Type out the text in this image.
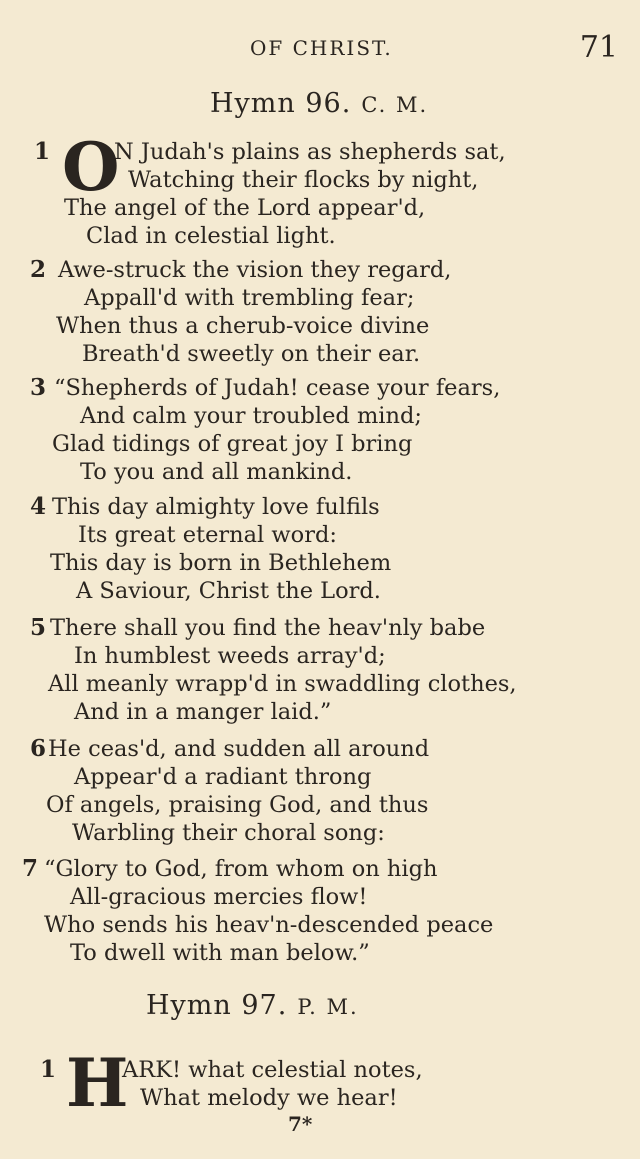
OF CHRIST.	71
Hymn 96. C. M.
1 O
N Judah's plains as shepherds sat,
Watching their flocks by night,
The angel of the Lord appear'd,
Clad in celestial light.
2 Awe-struck the vision they regard,
Appall'd with trembling fear;
When thus a cherub-voice divine
Breath'd sweetly on their ear.
3 “Shepherds of Judah! cease your fears,
And calm your troubled mind;
Glad tidings of great joy I bring
To you and all mankind.
4 This day almighty love fulfils
Its great eternal word:
This day is born in Bethlehem
A Saviour, Christ the Lord.
5 There shall you find the heav'nly babe
In humblest weeds array'd;
All meanly wrapp'd in swaddling clothes,
And in a manger laid.”
6 He ceas'd, and sudden all around
Appear'd a radiant throng
Of angels, praising God, and thus
Warbling their choral song:
7 “Glory to God, from whom on high
All-gracious mercies flow!
Who sends his heav'n-descended peace
To dwell with man below.”
Hymn 97. P. M.
1 H
ARK! what celestial notes,
What melody we hear!
7*
